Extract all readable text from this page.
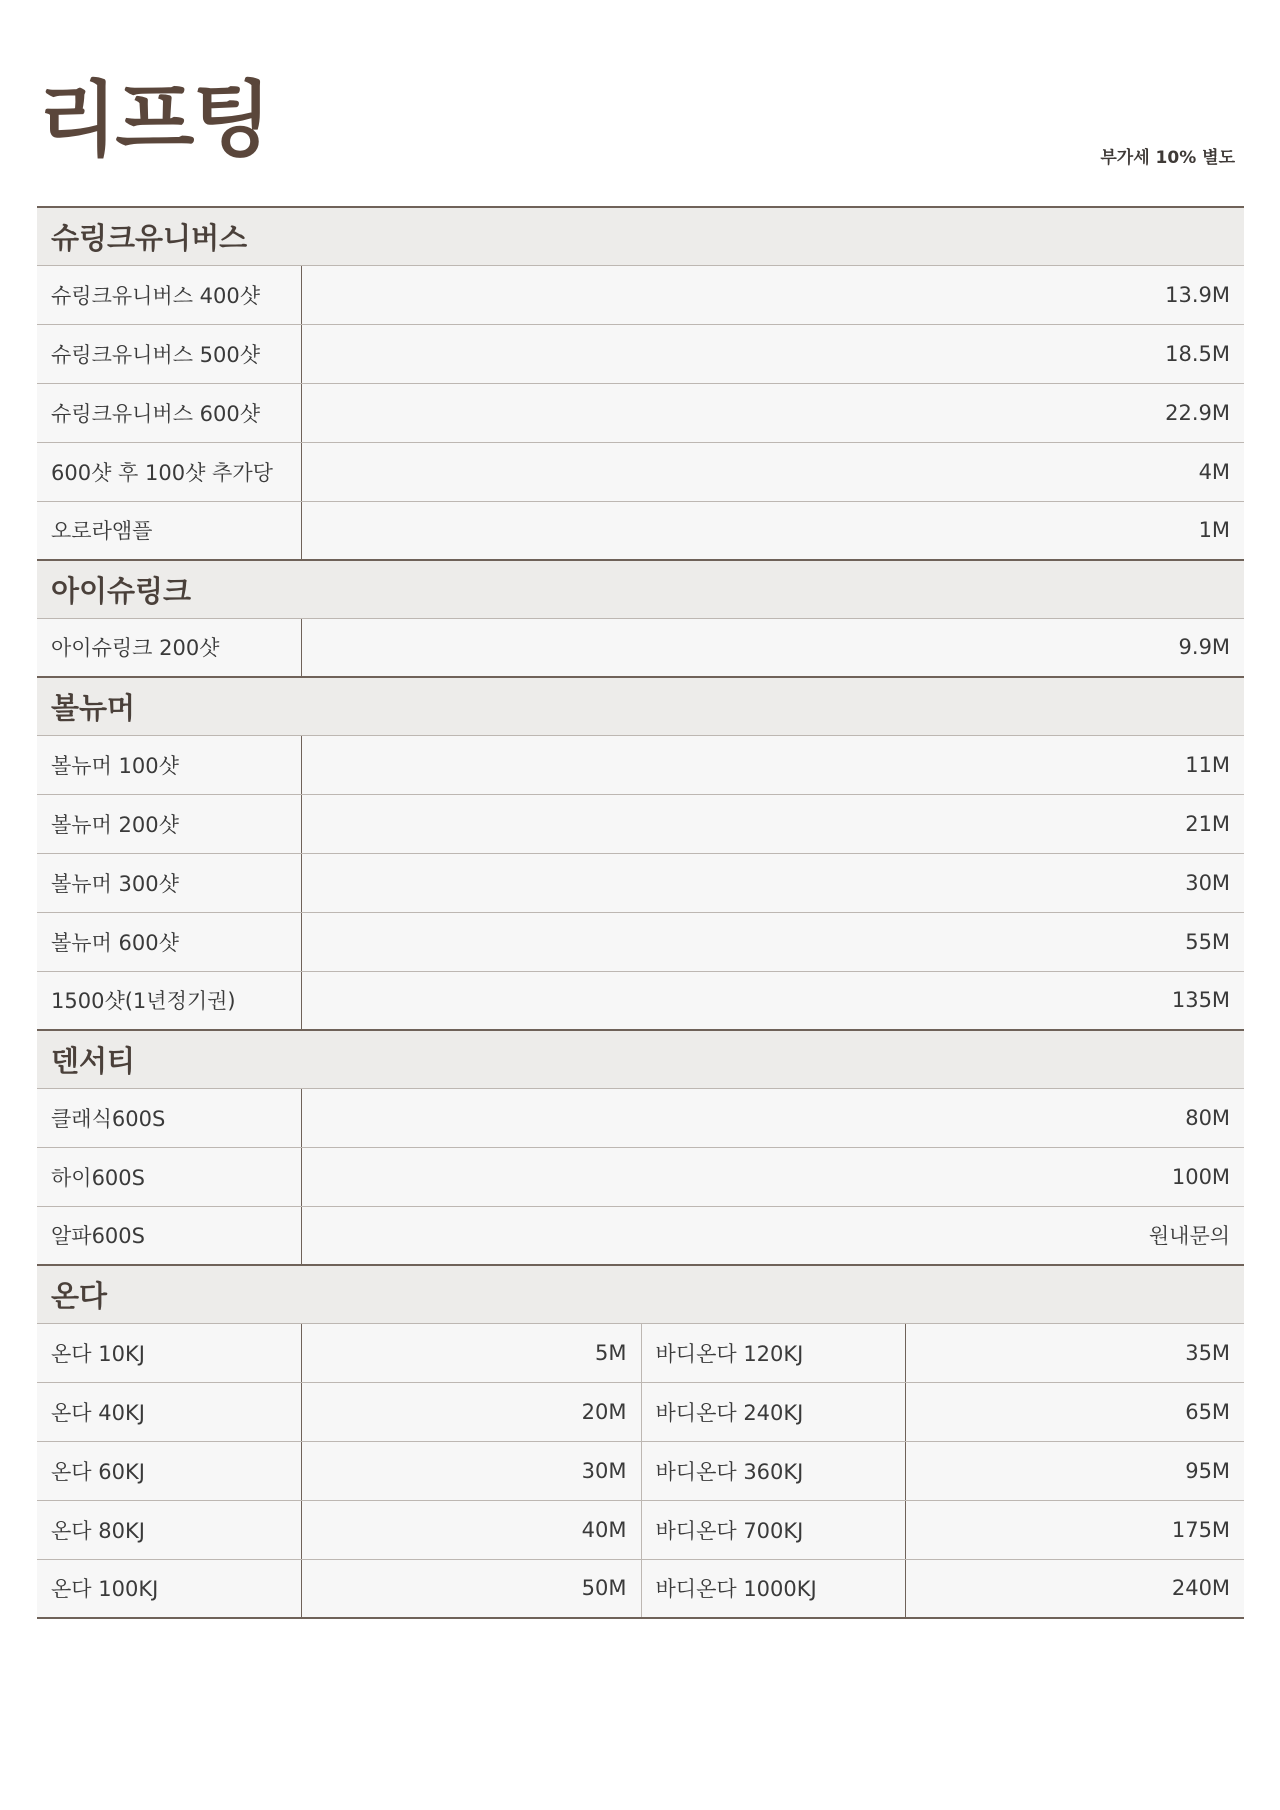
리프팅	부가세 10% 별도
슈링크유니버스			
슈링크유니버스 400샷	13.9M		
슈링크유니버스 500샷	18.5M		
슈링크유니버스 600샷	22.9M		
600샷 후 100샷 추가당	4M		
오로라앰플	1M		
아이슈링크			
아이슈링크 200샷	9.9M		
볼뉴머			
볼뉴머 100샷	11M		
볼뉴머 200샷	21M		
볼뉴머 300샷	30M		
볼뉴머 600샷	55M		
1500샷(1년정기권)	135M		
덴서티			
클래식600S	80M		
하이600S	100M		
알파600S	원내문의		
온다			
온다 10KJ	5M	바디온다 120KJ	35M
온다 40KJ	20M	바디온다 240KJ	65M
온다 60KJ	30M	바디온다 360KJ	95M
온다 80KJ	40M	바디온다 700KJ	175M
온다 100KJ	50M	바디온다 1000KJ	240M
